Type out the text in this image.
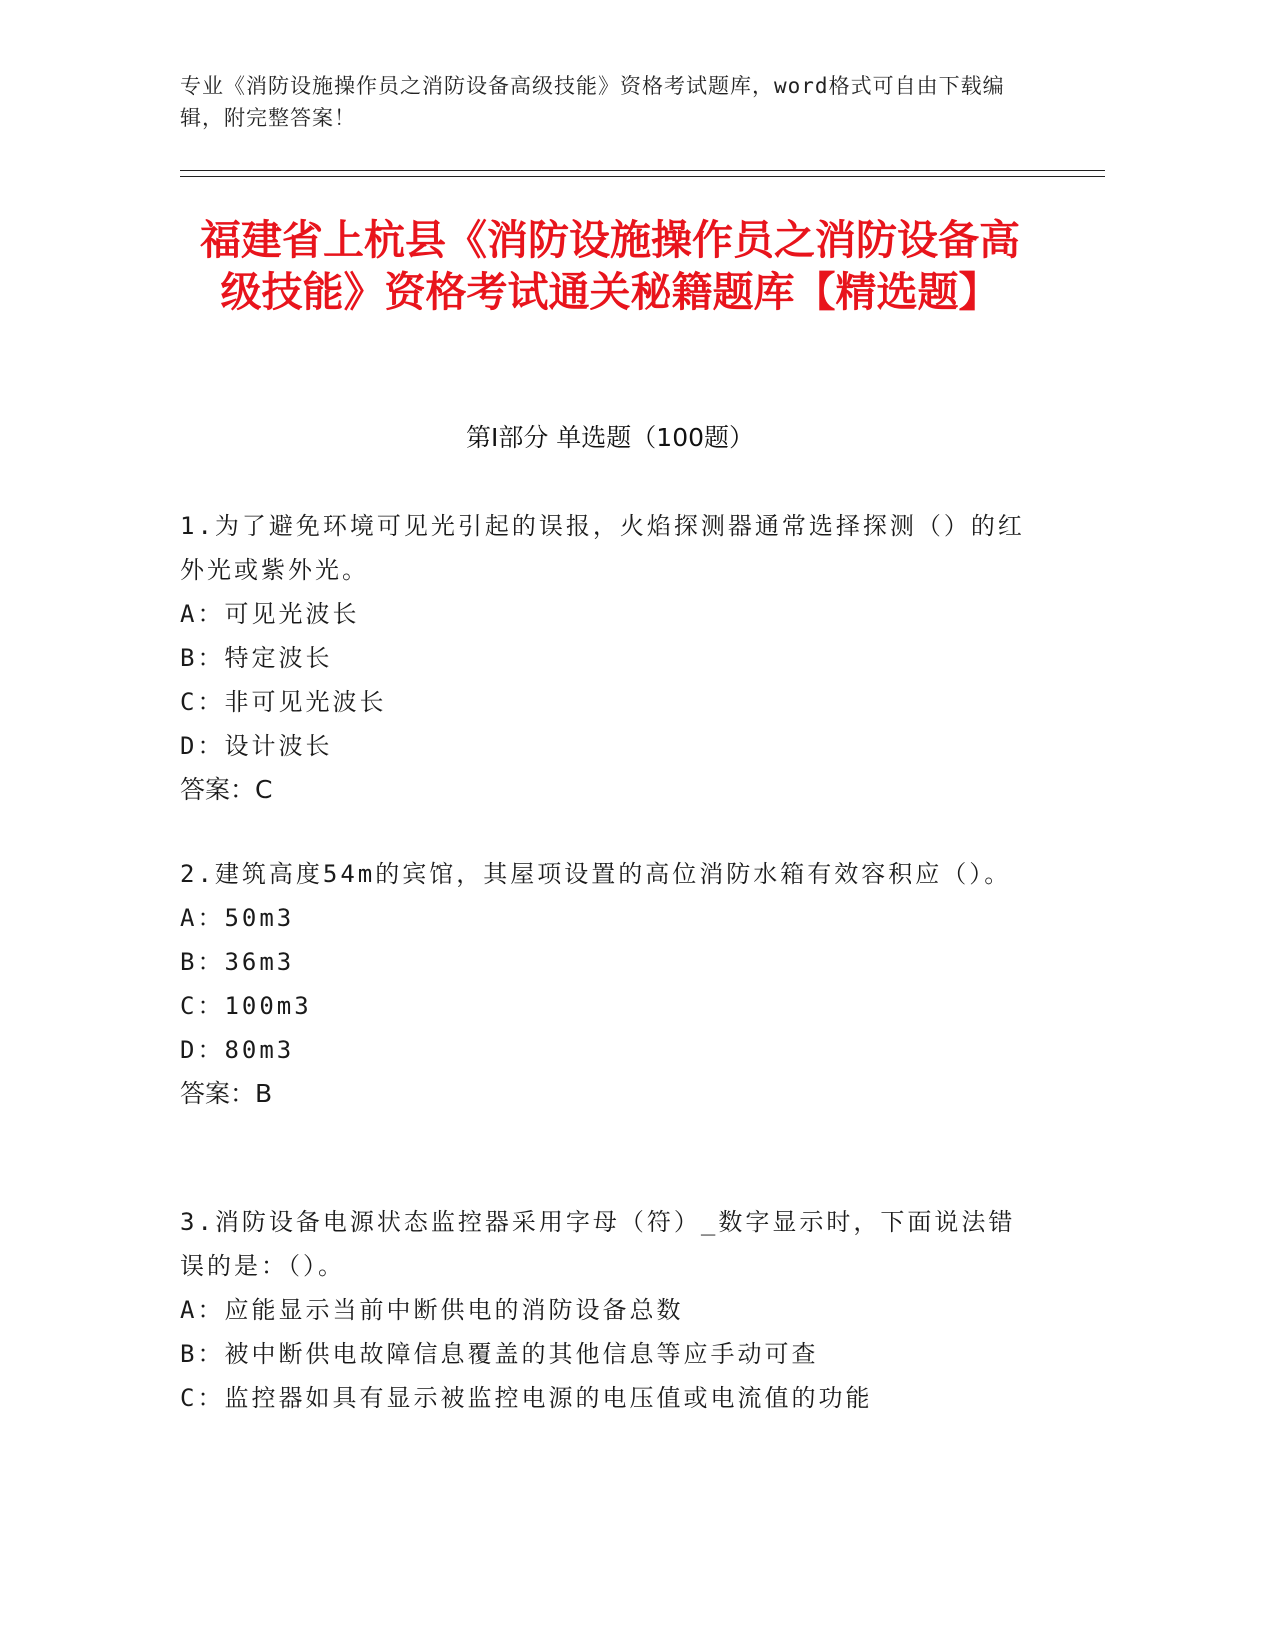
专业《消防设施操作员之消防设备高级技能》资格考试题库，word格式可自由下载编辑，附完整答案！
福建省上杭县《消防设施操作员之消防设备高级技能》资格考试通关秘籍题库【精选题】
第Ⅰ部分 单选题（100题）

1.为了避免环境可见光引起的误报，火焰探测器通常选择探测（）的红外光或紫外光。

A：可见光波长

B：特定波长

C：非可见光波长

D：设计波长

答案：C

2.建筑高度54m的宾馆，其屋项设置的高位消防水箱有效容积应（）。

A：50m3

B：36m3

C：100m3

D：80m3

答案：B

3.消防设备电源状态监控器采用字母（符）_数字显示时，下面说法错误的是：（）。

A：应能显示当前中断供电的消防设备总数

B：被中断供电故障信息覆盖的其他信息等应手动可查

C：监控器如具有显示被监控电源的电压值或电流值的功能
